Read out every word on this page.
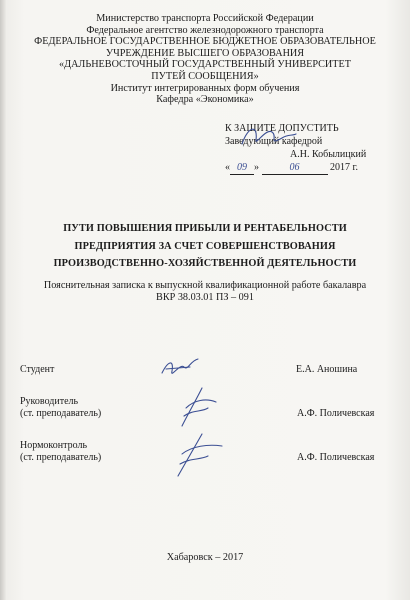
Министерство транспорта Российской Федерации
Федеральное агентство железнодорожного транспорта
ФЕДЕРАЛЬНОЕ ГОСУДАРСТВЕННОЕ БЮДЖЕТНОЕ ОБРАЗОВАТЕЛЬНОЕ
УЧРЕЖДЕНИЕ ВЫСШЕГО ОБРАЗОВАНИЯ
«ДАЛЬНЕВОСТОЧНЫЙ ГОСУДАРСТВЕННЫЙ УНИВЕРСИТЕТ
ПУТЕЙ СООБЩЕНИЯ»
Институт интегрированных форм обучения
Кафедра «Экономика»
К ЗАЩИТЕ ДОПУСТИТЬ
Заведующий кафедрой
А.Н. Кобылицкий
« 09 »	06	2017 г.
ПУТИ ПОВЫШЕНИЯ ПРИБЫЛИ И РЕНТАБЕЛЬНОСТИ
ПРЕДПРИЯТИЯ ЗА СЧЕТ СОВЕРШЕНСТВОВАНИЯ
ПРОИЗВОДСТВЕННО-ХОЗЯЙСТВЕННОЙ ДЕЯТЕЛЬНОСТИ
Пояснительная записка к выпускной квалификационной работе бакалавра
ВКР 38.03.01 ПЗ – 091
Студент	Е.А. Аношина
Руководитель
(ст. преподаватель)	А.Ф. Поличевская
Нормоконтроль
(ст. преподаватель)	А.Ф. Поличевская
Хабаровск – 2017
